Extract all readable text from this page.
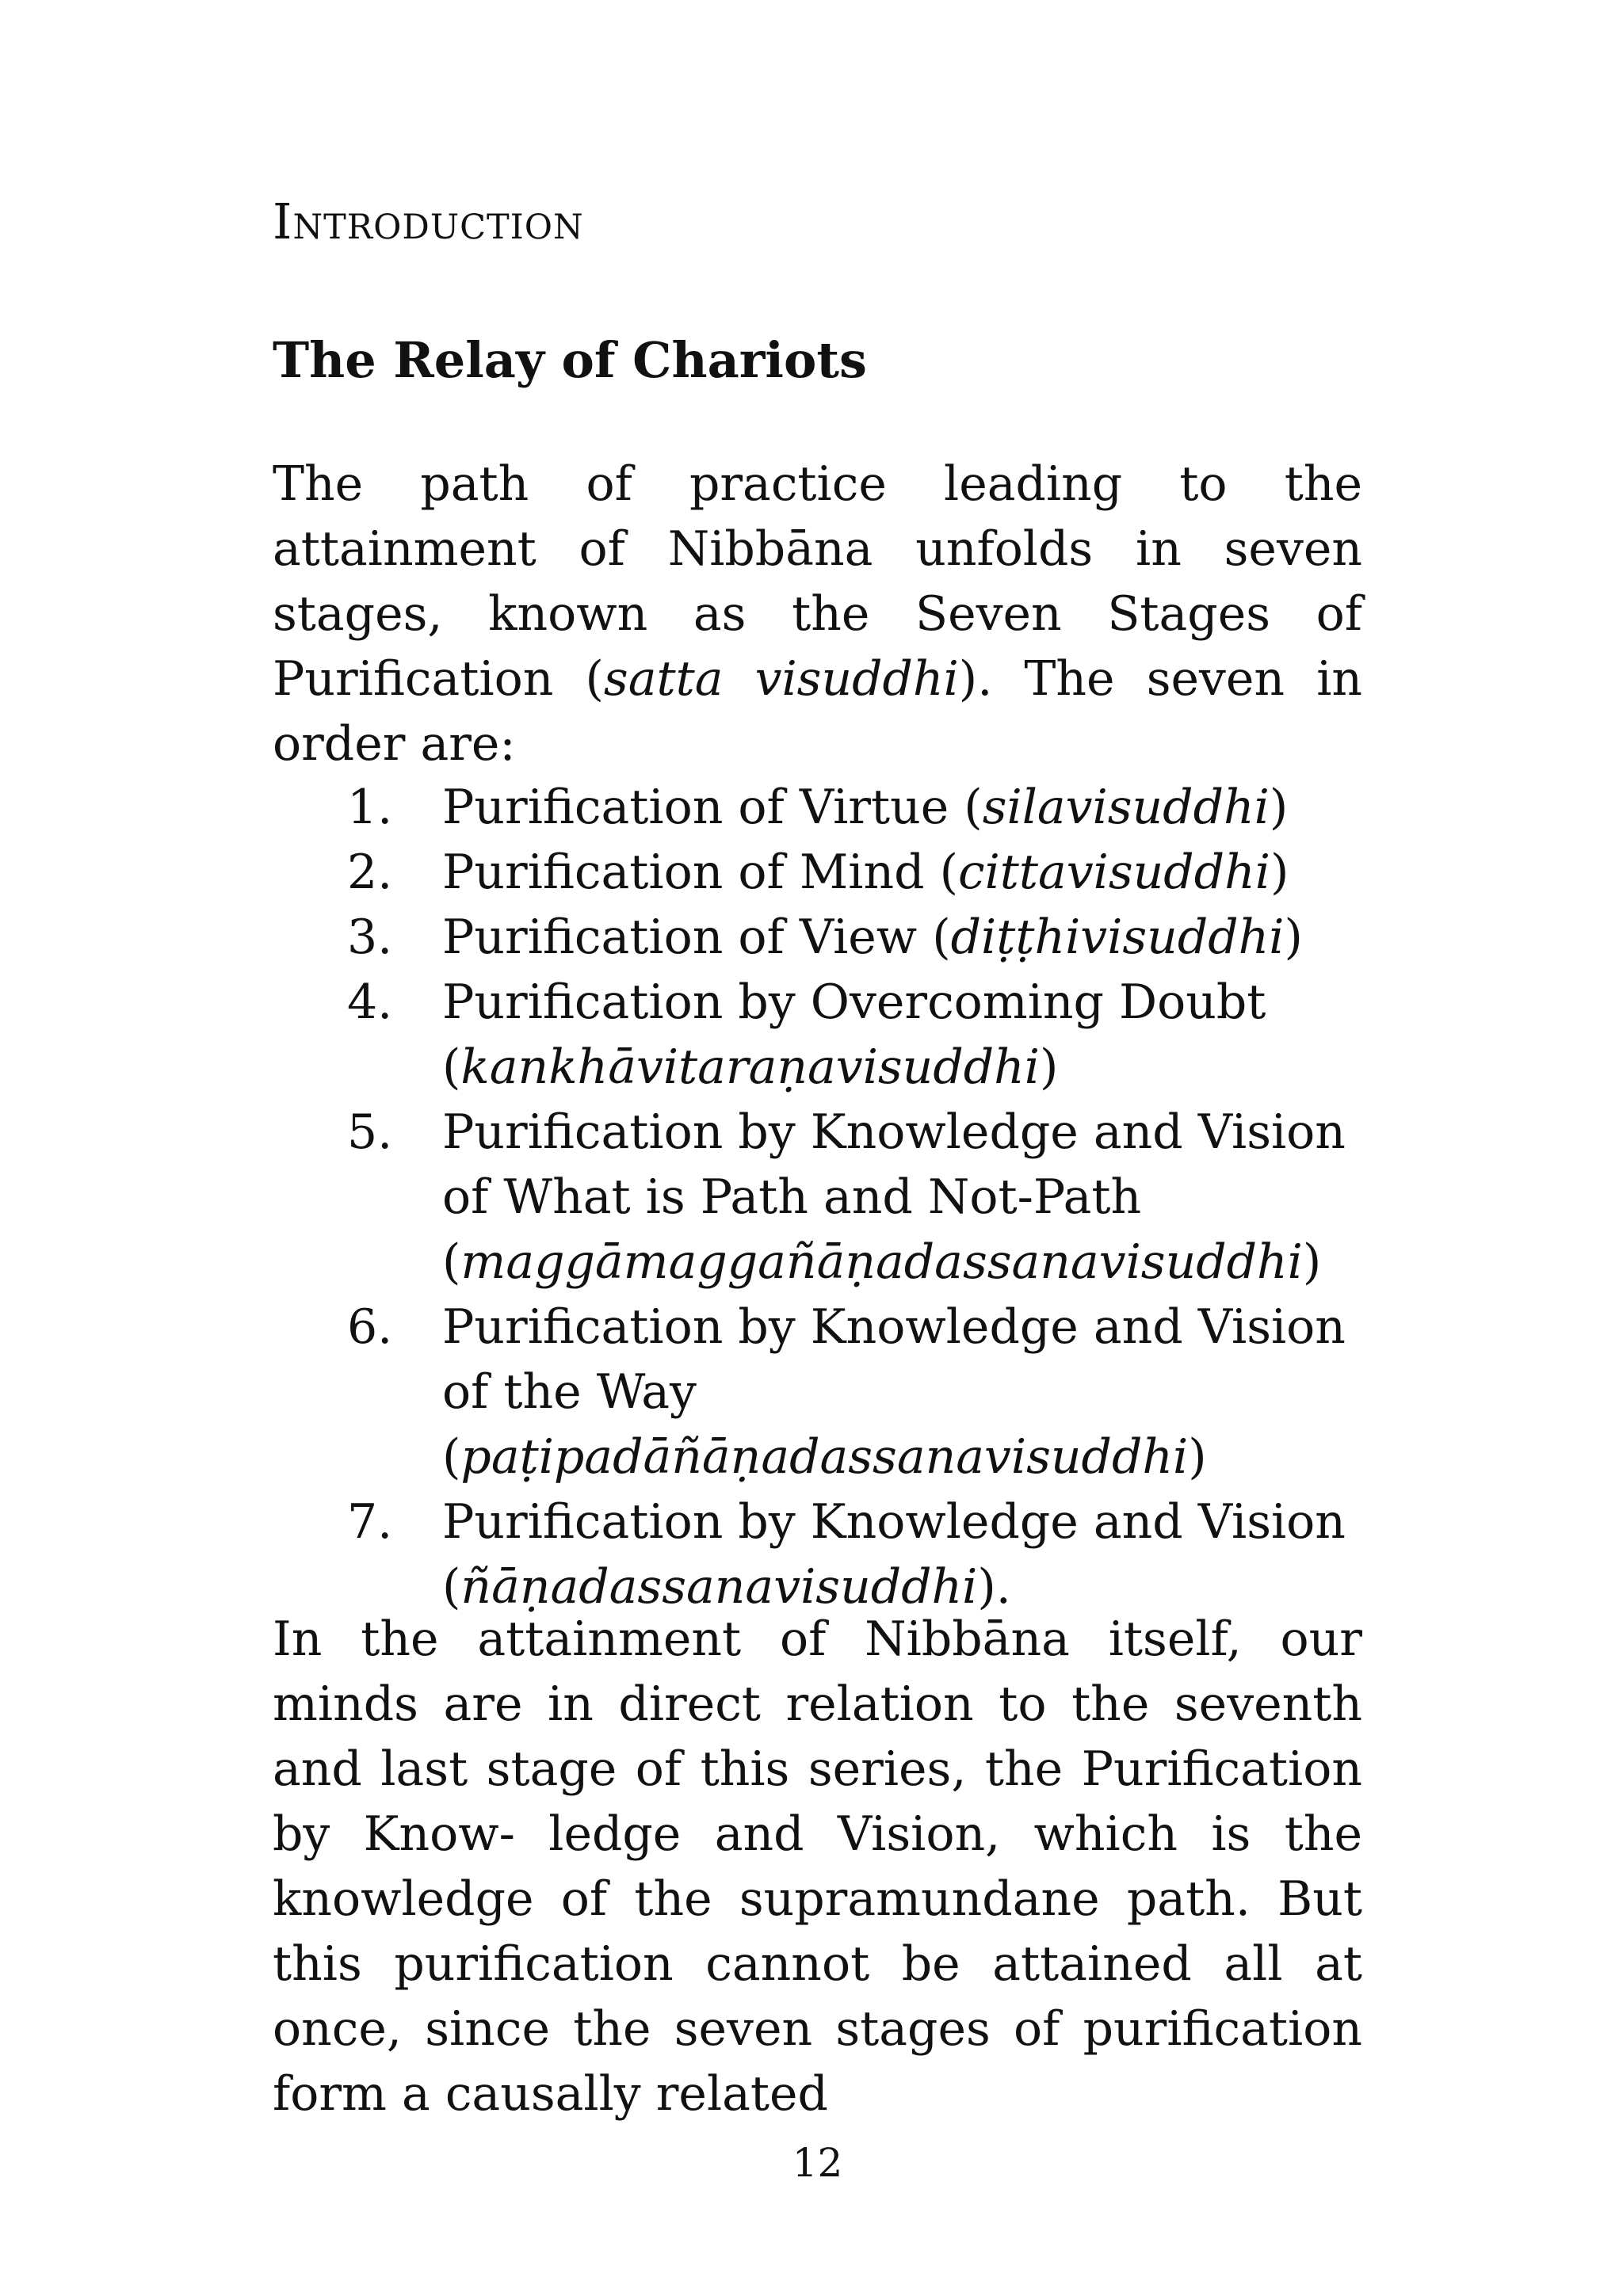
Introduction
The Relay of Chariots

The path of practice leading to the attainment of Nibbāna unfolds in seven stages, known as the Seven Stages of Purification (satta visuddhi). The seven in order are:

1. Purification of Virtue (silavisuddhi)
2. Purification of Mind (cittavisuddhi)
3. Purification of View (diṭṭhivisuddhi)
4. Purification by Overcoming Doubt (kankhāvitaraṇavisuddhi)
5. Purification by Knowledge and Vision of What is Path and Not-Path (maggāmaggañāṇadassanavisuddhi)
6. Purification by Knowledge and Vision of the Way (paṭipadāñāṇadassanavisuddhi)
7. Purification by Knowledge and Vision (ñāṇadassanavisuddhi).

In the attainment of Nibbāna itself, our minds are in direct relation to the seventh and last stage of this series, the Purification by Know- ledge and Vision, which is the knowledge of the supramundane path. But this purification cannot be attained all at once, since the seven stages of purification form a causally related

12
